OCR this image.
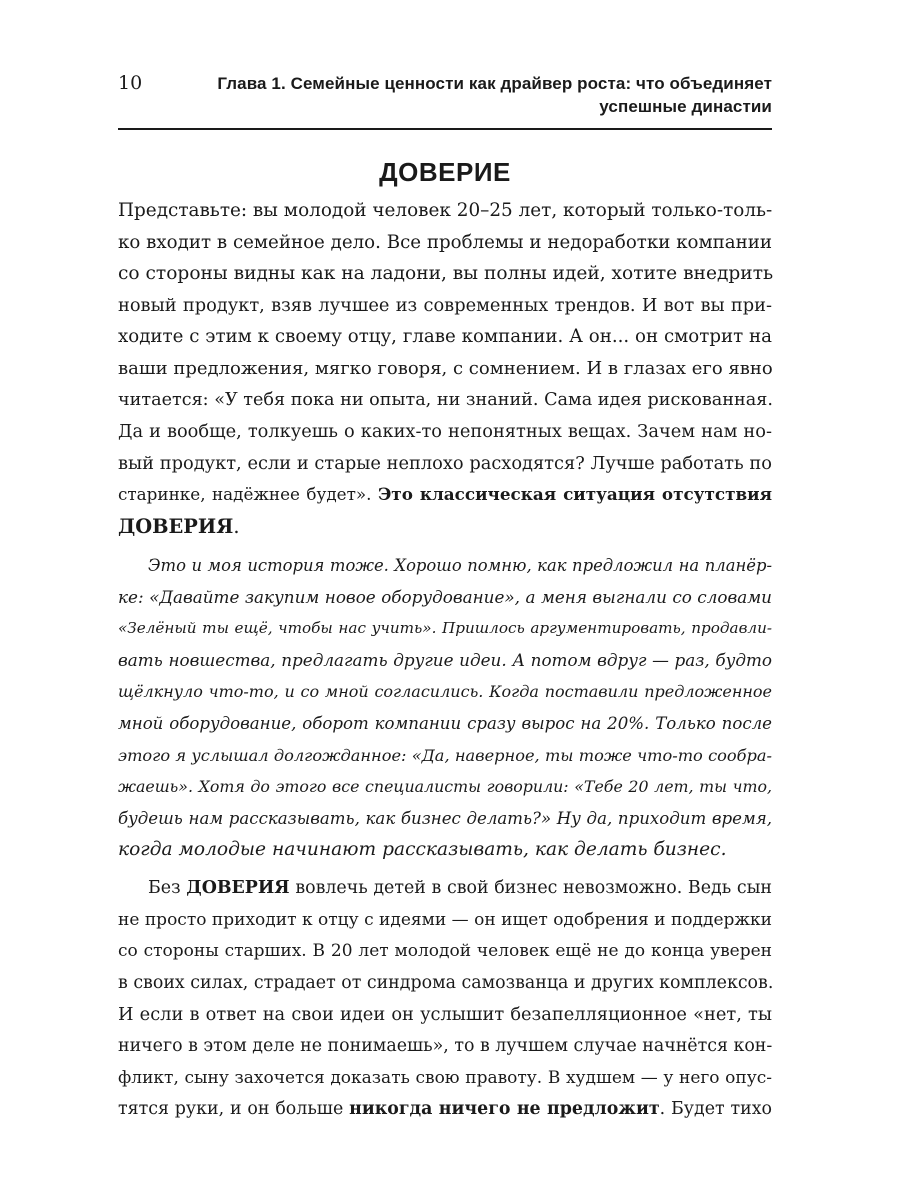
10	Глава 1. Семейные ценности как драйвер роста: что объединяет
успешные династии
ДОВЕРИЕ
Представьте: вы молодой человек 20–25 лет, который только-толь-
ко входит в семейное дело. Все проблемы и недоработки компании
со стороны видны как на ладони, вы полны идей, хотите внедрить
новый продукт, взяв лучшее из современных трендов. И вот вы при-
ходите с этим к своему отцу, главе компании. А он... он смотрит на
ваши предложения, мягко говоря, с сомнением. И в глазах его явно
читается: «У тебя пока ни опыта, ни знаний. Сама идея рискованная.
Да и вообще, толкуешь о каких-то непонятных вещах. Зачем нам но-
вый продукт, если и старые неплохо расходятся? Лучше работать по
старинке, надёжнее будет». Это классическая ситуация отсутствия
ДОВЕРИЯ.
Это и моя история тоже. Хорошо помню, как предложил на планёр-
ке: «Давайте закупим новое оборудование», а меня выгнали со словами
«Зелёный ты ещё, чтобы нас учить». Пришлось аргументировать, продавли-
вать новшества, предлагать другие идеи. А потом вдруг — раз, будто
щёлкнуло что-то, и со мной согласились. Когда поставили предложенное
мной оборудование, оборот компании сразу вырос на 20%. Только после
этого я услышал долгожданное: «Да, наверное, ты тоже что-то сообра-
жаешь». Хотя до этого все специалисты говорили: «Тебе 20 лет, ты что,
будешь нам рассказывать, как бизнес делать?» Ну да, приходит время,
когда молодые начинают рассказывать, как делать бизнес.
Без ДОВЕРИЯ вовлечь детей в свой бизнес невозможно. Ведь сын
не просто приходит к отцу с идеями — он ищет одобрения и поддержки
со стороны старших. В 20 лет молодой человек ещё не до конца уверен
в своих силах, страдает от синдрома самозванца и других комплексов.
И если в ответ на свои идеи он услышит безапелляционное «нет, ты
ничего в этом деле не понимаешь», то в лучшем случае начнётся кон-
фликт, сыну захочется доказать свою правоту. В худшем — у него опус-
тятся руки, и он больше никогда ничего не предложит. Будет тихо
